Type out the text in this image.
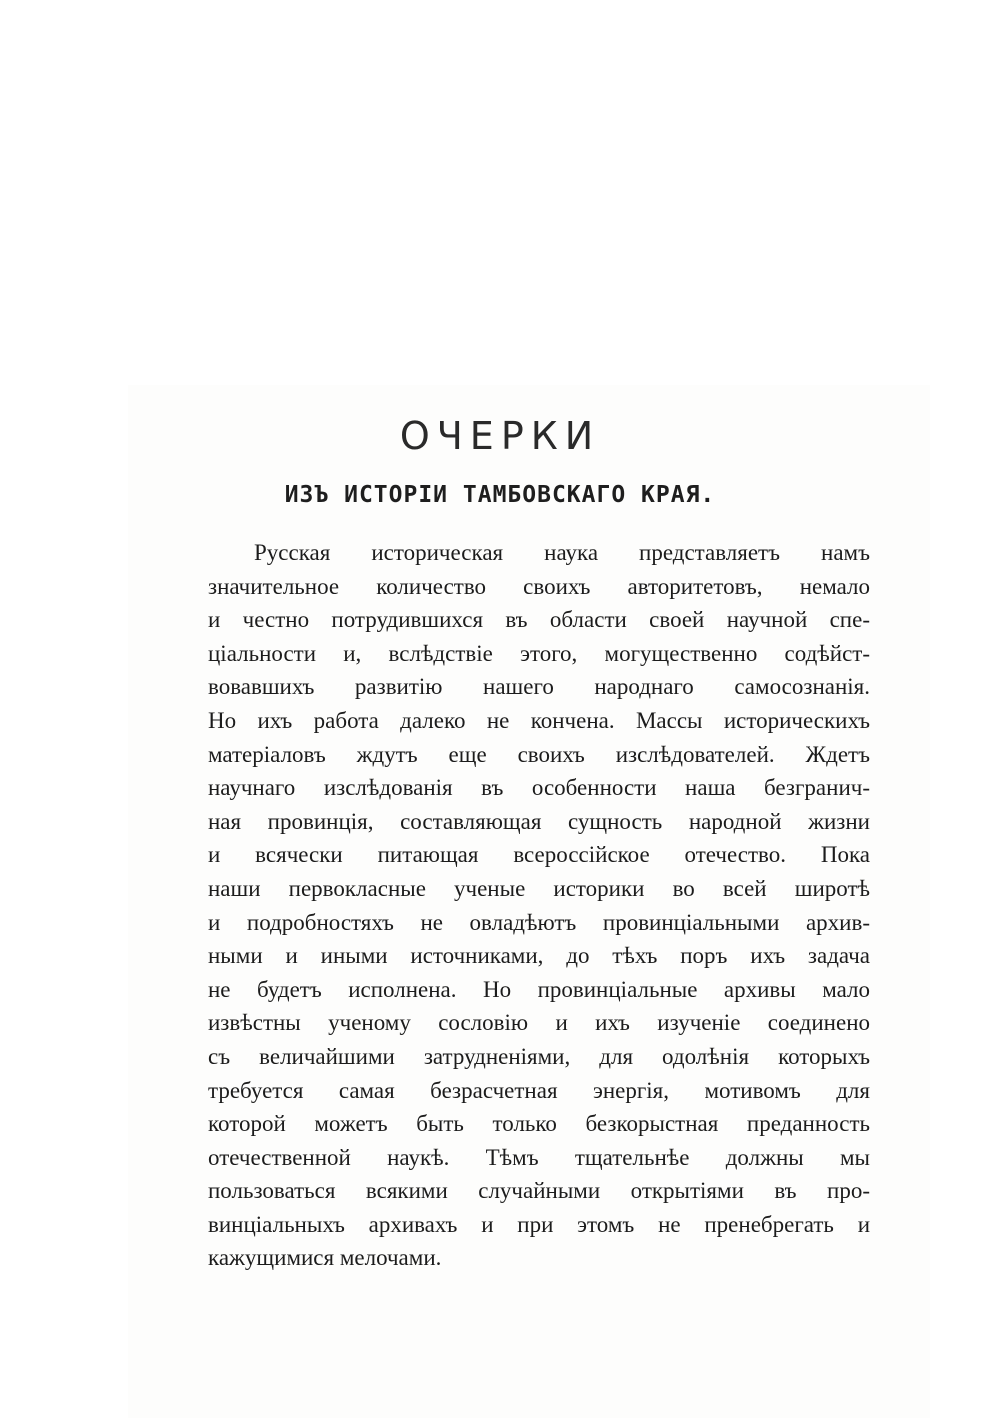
ОЧЕРКИ
ИЗЪ ИСТОРІИ ТАМБОВСКАГО КРАЯ.
Русская историческая наука представляетъ намъ
значительное количество своихъ авторитетовъ, немало
и честно потрудившихся въ области своей научной спе-
ціальности и, вслѣдствіе этого, могущественно содѣйст-
вовавшихъ развитію нашего народнаго самосознанія.
Но ихъ работа далеко не кончена. Массы историческихъ
матеріаловъ ждутъ еще своихъ изслѣдователей. Ждетъ
научнаго изслѣдованія въ особенности наша безгранич-
ная провинція, составляющая сущность народной жизни
и всячески питающая всероссійское отечество. Пока
наши первокласные ученые историки во всей широтѣ
и подробностяхъ не овладѣютъ провинціальными архив-
ными и иными источниками, до тѣхъ поръ ихъ задача
не будетъ исполнена. Но провинціальные архивы мало
извѣстны ученому сословію и ихъ изученіе соединено
съ величайшими затрудненіями, для одолѣнія которыхъ
требуется самая безрасчетная энергія, мотивомъ для
которой можетъ быть только безкорыстная преданность
отечественной наукѣ. Тѣмъ тщательнѣе должны мы
пользоваться всякими случайными открытіями въ про-
винціальныхъ архивахъ и при этомъ не пренебрегать и
кажущимися мелочами.
